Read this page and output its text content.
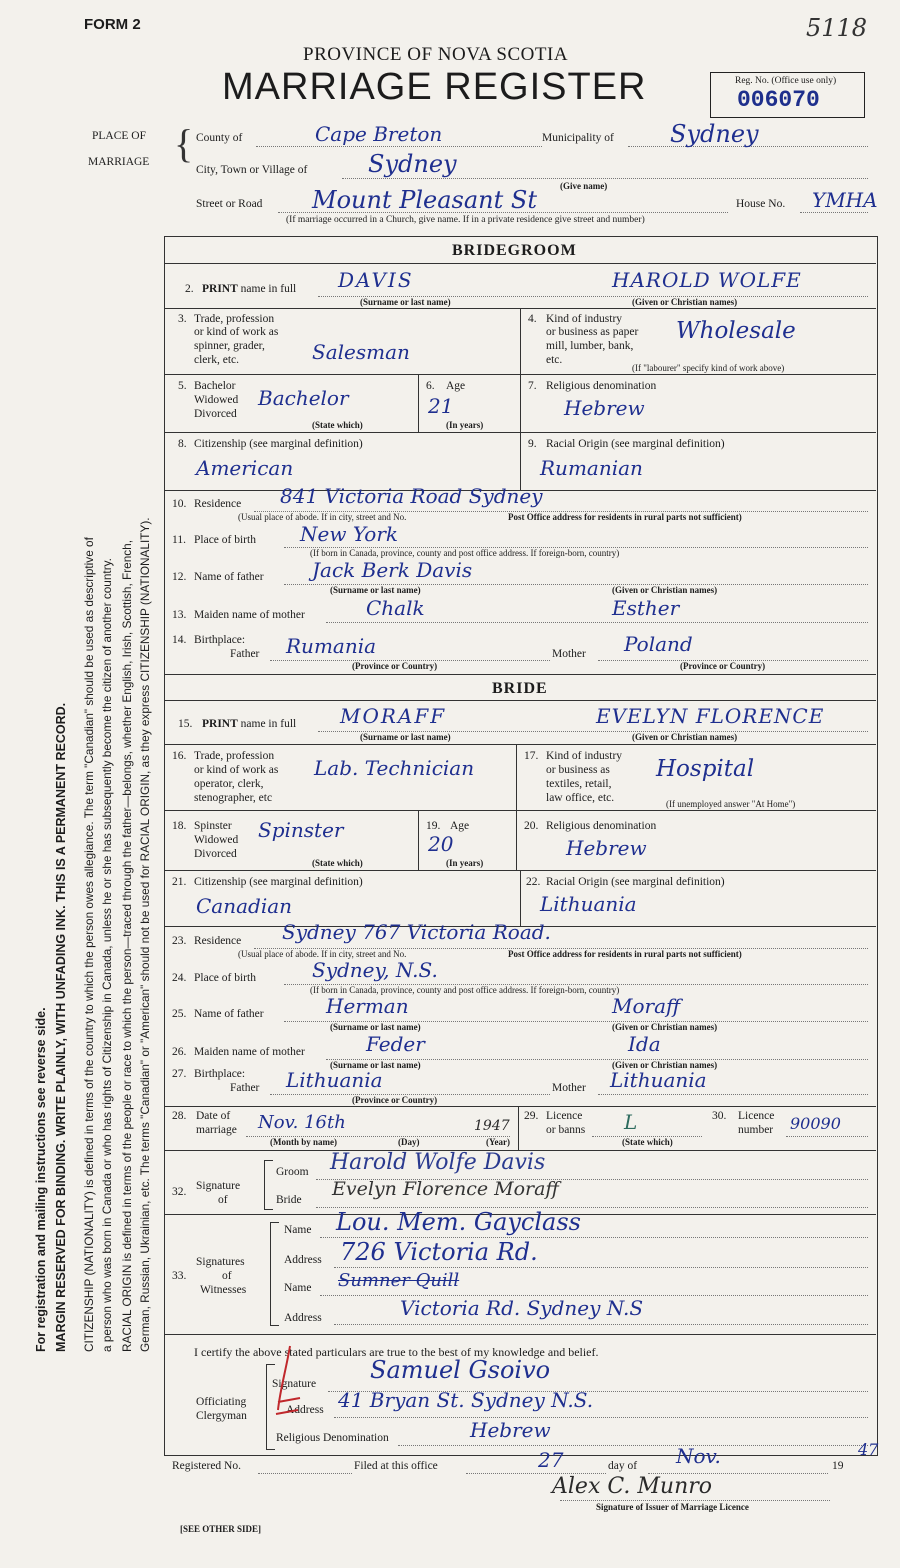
FORM 2	5118
PROVINCE OF NOVA SCOTIA
MARRIAGE REGISTER	Reg. No. (Office use only)
006070
For registration and mailing instructions see reverse side. MARGIN RESERVED FOR BINDING. WRITE PLAINLY, WITH UNFADING INK. THIS IS A PERMANENT RECORD. CITIZENSHIP (NATIONALITY) is defined in terms of the country to which the person owes allegiance. The term "Canadian" should be used as descriptive of a person who was born in Canada or who has rights of Citizenship in Canada, unless he or she has subsequently become the citizen of another country. RACIAL ORIGIN is defined in terms of the people or race to which the person—traced through the father—belongs, whether English, Irish, Scottish, French, German, Russian, Ukrainian, etc. The terms "Canadian" or "American" should not be used for RACIAL ORIGIN, as they express CITIZENSHIP (NATIONALITY).
PLACE OF
MARRIAGE { County of	Cape Breton	Municipality of Sydney
City, Town or Village of	Sydney
(Give name)
Street or Road Mount Pleasant St	House No. YMHA
(If marriage occurred in a Church, give name. If in a private residence give street and number)
BRIDEGROOM
2. PRINT name in full DAVIS	HAROLD WOLFE
(Surname or last name)	(Given or Christian names)
3. Trade, profession
or kind of work as
spinner, grader,
clerk, etc.	Salesman
4. Kind of industry
or business as paper
mill, lumber, bank,
etc.
Wholesale
(If "labourer" specify kind of work above)
5. Bachelor
Widowed
Divorced
Bachelor
(State which)
6. Age
21
(In years)
7. Religious denomination
Hebrew
8. Citizenship (see marginal definition)
American
9. Racial Origin (see marginal definition)
Rumanian
10. Residence 841 Victoria Road Sydney
(Usual place of abode. If in city, street and No.	Post Office address for residents in rural parts not sufficient)
11. Place of birth New York
(If born in Canada, province, county and post office address. If foreign-born, country)
12. Name of father Jack Berk Davis
(Surname or last name)	(Given or Christian names)
13. Maiden name of mother	Chalk	Esther
14. Birthplace:
Father Rumania	Mother Poland
(Province or Country)	(Province or Country)
BRIDE
15. PRINT name in full MORAFF	EVELYN FLORENCE
(Surname or last name)	(Given or Christian names)
16. Trade, profession
or kind of work as
operator, clerk,
stenographer, etc
Lab. Technician	17. Kind of industry
or business as
textiles, retail,
law office, etc.
Hospital
(If unemployed answer "At Home")
18. Spinster
Widowed
Divorced
Spinster
(State which)
19. Age
20
(In years)
20. Religious denomination
Hebrew
21. Citizenship (see marginal definition)
Canadian
22. Racial Origin (see marginal definition)
Lithuania
23. Residence Sydney 767 Victoria Road.
(Usual place of abode. If in city, street and No.	Post Office address for residents in rural parts not sufficient)
24. Place of birth	Sydney, N.S.
(If born in Canada, province, county and post office address. If foreign-born, country)
25. Name of father	Herman	Moraff
(Surname or last name)	(Given or Christian names)
26. Maiden name of mother	Feder	Ida
(Surname or last name)	(Given or Christian names)
27. Birthplace:
Father Lithuania	Mother Lithuania
(Province or Country)
28. Date of
marriage Nov. 16th	1947
(Month by name)	(Day)	(Year)
29. Licence
or banns L
(State which)
30. Licence
number 90090
32. Signature
of
Groom Harold Wolfe Davis
Bride Evelyn Florence Moraff
33.
Signatures
of
Witnesses
Name Lou. Mem. Gayclass
Address 726 Victoria Rd.
Name Sumner Quill
Address	Victoria Rd. Sydney N.S
I certify the above stated particulars are true to the best of my knowledge and belief.
Officiating
Clergyman
Signature Samuel Gsoivo
Address 41 Bryan St. Sydney N.S.
Religious Denomination	Hebrew
Registered No.	Filed at this office	27	day of Nov.	19
47
Alex C. Munro
Signature of Issuer of Marriage Licence
[SEE OTHER SIDE]
